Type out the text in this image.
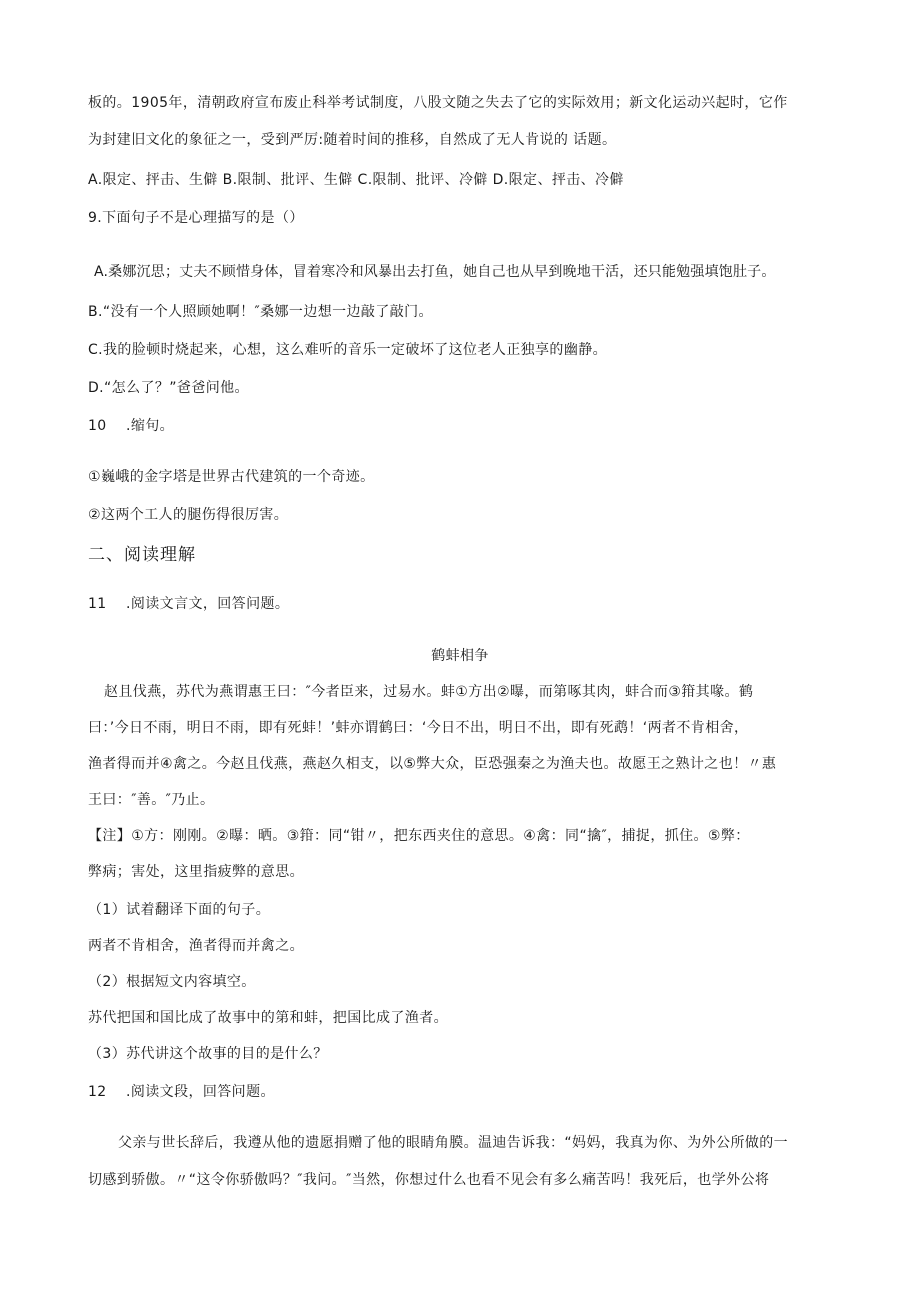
板的。1905年，清朝政府宣布废止科举考试制度，八股文随之失去了它的实际效用；新文化运动兴起时，它作
为封建旧文化的象征之一，受到严厉:随着时间的推移，自然成了无人肯说的 话题。
A.限定、抨击、生僻 B.限制、批评、生僻 C.限制、批评、冷僻 D.限定、抨击、冷僻
9.下面句子不是心理描写的是（）
A.桑娜沉思；丈夫不顾惜身体，冒着寒冷和风暴出去打鱼，她自己也从早到晚地干活，还只能勉强填饱肚子。
B.“没有一个人照顾她啊！″桑娜一边想一边敲了敲门。
C.我的脸顿时烧起来，心想，这么难听的音乐一定破坏了这位老人正独享的幽静。
D.“怎么了？”爸爸问他。
10    .缩句。
①巍峨的金字塔是世界古代建筑的一个奇迹。
②这两个工人的腿伤得很厉害。
二、阅读理解
11    .阅读文言文，回答问题。
鹤蚌相争
赵且伐燕，苏代为燕谓惠王曰：″今者臣来，过易水。蚌①方出②曝，而第啄其肉，蚌合而③箝其喙。鹤
曰：’今日不雨，明日不雨，即有死蚌！’蚌亦谓鹤曰：‘今日不出，明日不出，即有死鹉！‘两者不肯相舍，
渔者得而并④禽之。今赵且伐燕，燕赵久相支，以⑤弊大众，臣恐强秦之为渔夫也。故愿王之熟计之也！〃惠
王曰：″善。″乃止。
【注】①方：刚刚。②曝：晒。③箝：同“钳〃，把东西夹住的意思。④禽：同“擒″，捕捉，抓住。⑤弊：
弊病；害处，这里指疲弊的意思。
（1）试着翻译下面的句子。
两者不肯相舍，渔者得而并禽之。
（2）根据短文内容填空。
苏代把国和国比成了故事中的第和蚌，把国比成了渔者。
（3）苏代讲这个故事的目的是什么？
12    .阅读文段，回答问题。
父亲与世长辞后，我遵从他的遗愿捐赠了他的眼睛角膜。温迪告诉我：“妈妈，我真为你、为外公所做的一
切感到骄傲。〃“这令你骄傲吗？″我问。″当然，你想过什么也看不见会有多么痛苦吗！我死后，也学外公将
